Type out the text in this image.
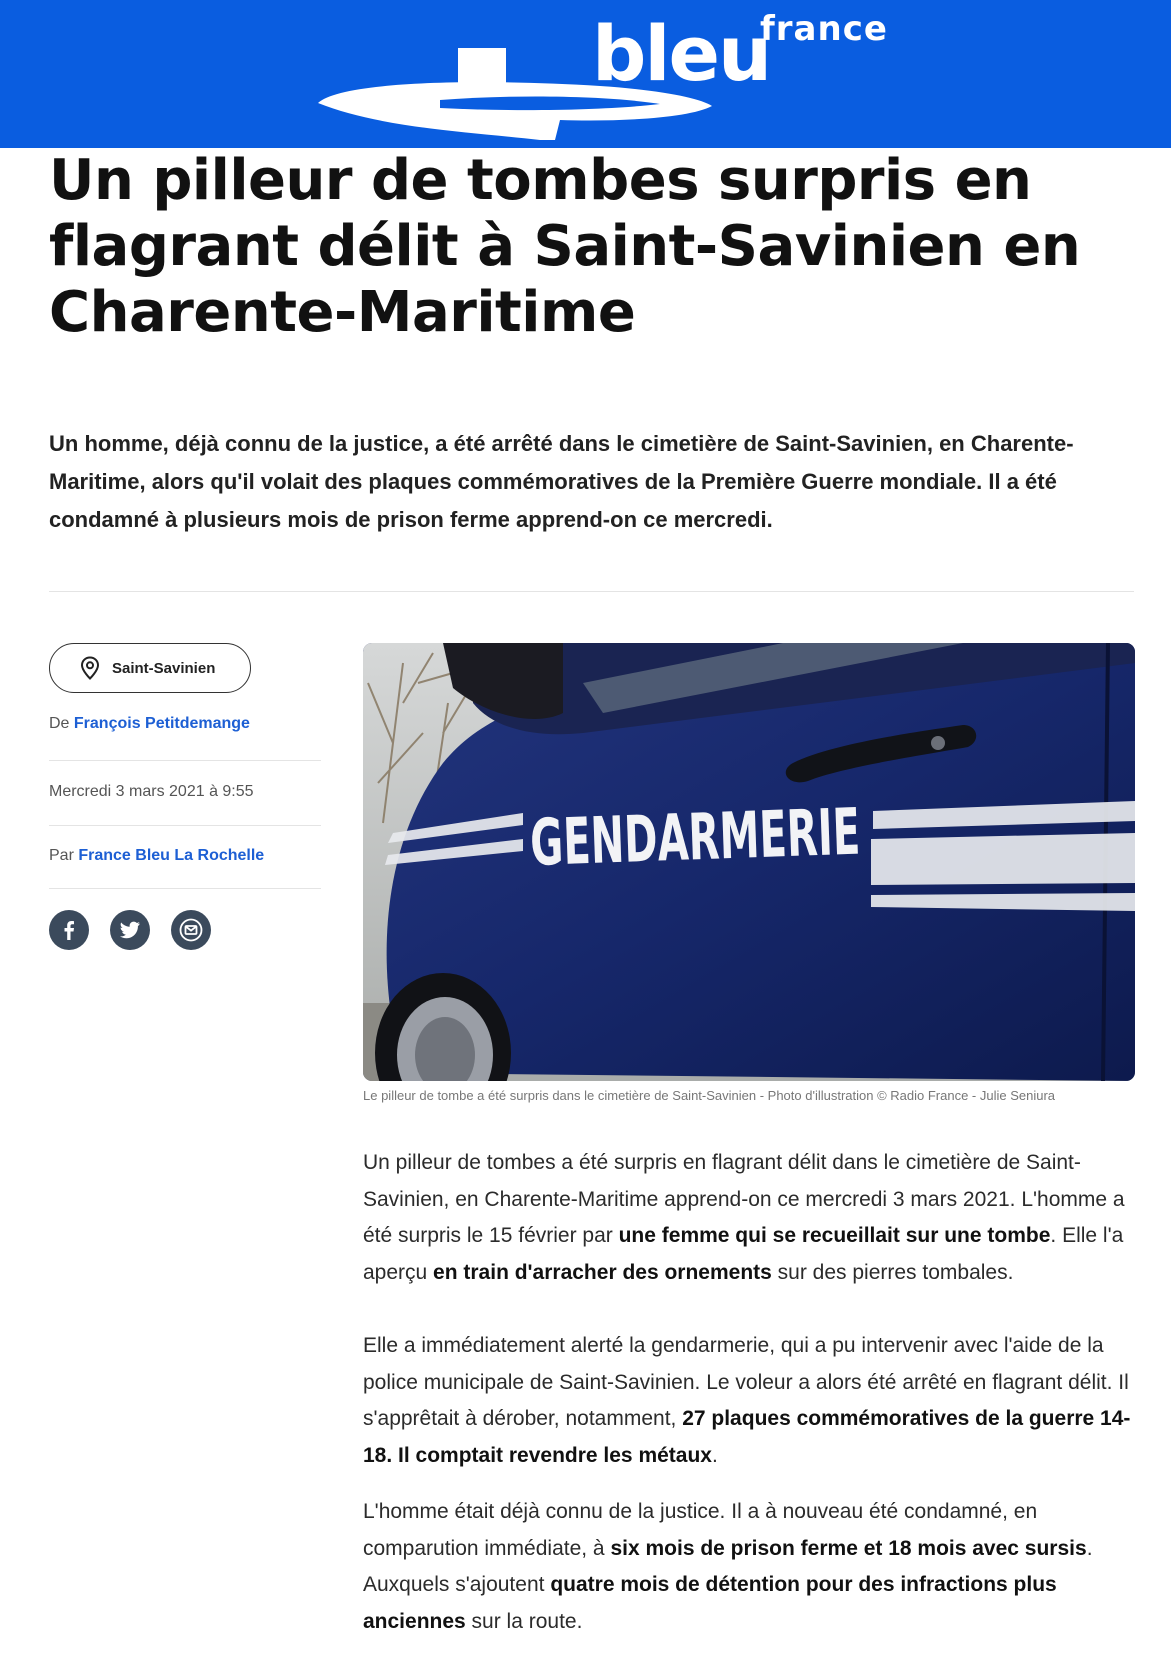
france
bleu
Un pilleur de tombes surpris en flagrant délit à Saint-Savinien en Charente-Maritime

Un homme, déjà connu de la justice, a été arrêté dans le cimetière de Saint-Savinien, en Charente-Maritime, alors qu'il volait des plaques commémoratives de la Première Guerre mondiale. Il a été condamné à plusieurs mois de prison ferme apprend-on ce mercredi.

Saint-Savinien
De François Petitdemange
Mercredi 3 mars 2021 à 9:55
Par France Bleu La Rochelle	GENDARMERIE
Le pilleur de tombe a été surpris dans le cimetière de Saint-Savinien - Photo d'illustration © Radio France - Julie Seniura

Un pilleur de tombes a été surpris en flagrant délit dans le cimetière de Saint-Savinien, en Charente-Maritime apprend-on ce mercredi 3 mars 2021. L'homme a été surpris le 15 février par une femme qui se recueillait sur une tombe. Elle l'a aperçu en train d'arracher des ornements sur des pierres tombales.

Elle a immédiatement alerté la gendarmerie, qui a pu intervenir avec l'aide de la police municipale de Saint-Savinien. Le voleur a alors été arrêté en flagrant délit. Il s'apprêtait à dérober, notamment, 27 plaques commémoratives de la guerre 14-18. Il comptait revendre les métaux.

L'homme était déjà connu de la justice. Il a à nouveau été condamné, en comparution immédiate, à six mois de prison ferme et 18 mois avec sursis. Auxquels s'ajoutent quatre mois de détention pour des infractions plus anciennes sur la route.
